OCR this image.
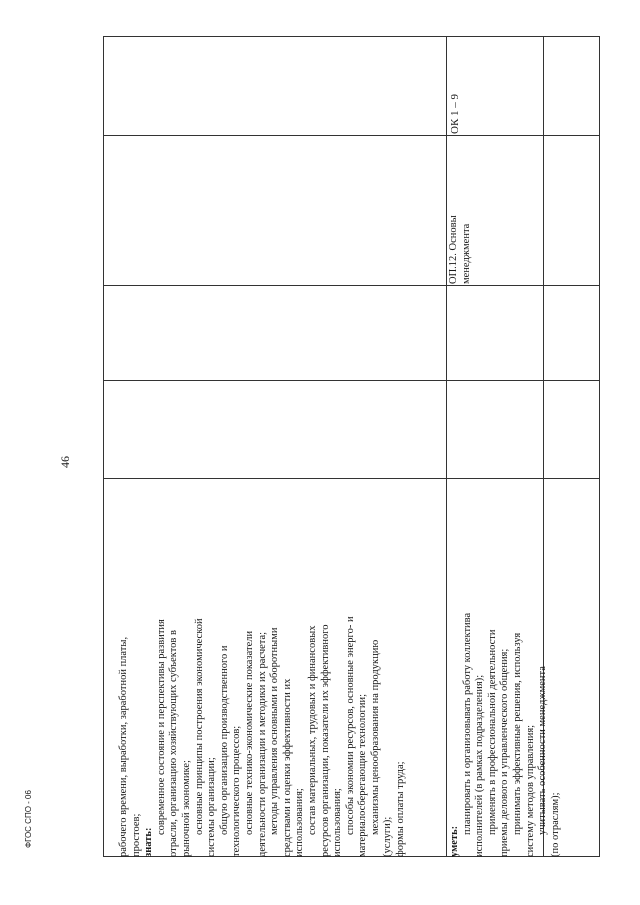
рабочего времени, выработки, заработной платы, простоев; знать:

современное состояние и перспективы развития отрасли, организацию хозяйствующих субъектов в рыночной экономике; основные принципы построения экономической системы организации; общую организацию производственного и технологического процессов; основные технико-экономические показатели деятельности организации и методики их расчета; методы управления основными и оборотными средствами и оценки эффективности их использования; состав материальных, трудовых и финансовых ресурсов организации, показатели их эффективного использования; способы экономии ресурсов, основные энерго- и материалосберегающие технологии; механизмы ценообразования на продукцию

(услуги); формы оплаты труда;	уметь:

планировать и организовывать работу коллектива исполнителей (в рамках подразделения); применять в профессиональной деятельности приемы делового и управленческого общения; принимать эффективные решения, используя систему методов управления; учитывать особенности менеджмента (по отраслям);

ОП.12. Основы менеджмента

ОК 1 – 9

46
ФГОС СПО - 06
